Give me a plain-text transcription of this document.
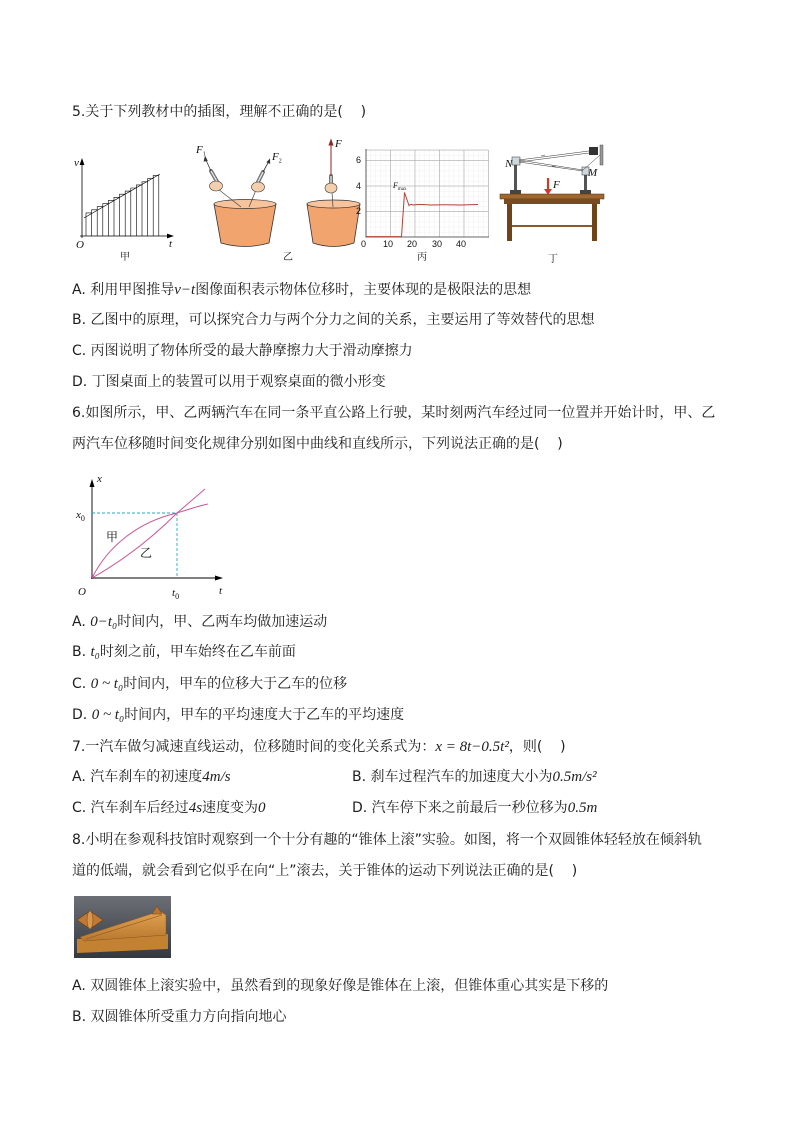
5.关于下列教材中的插图，理解不正确的是(    )
v
O	t
甲
$F_1$	$F_2$
F
乙
6
4
2
0 10 20 30 40
Fmax
丙
F
N
M
丁
A. 利用甲图推导v−t图像面积表示物体位移时，主要体现的是极限法的思想
B. 乙图中的原理，可以探究合力与两个分力之间的关系，主要运用了等效替代的思想
C. 丙图说明了物体所受的最大静摩擦力大于滑动摩擦力
D. 丁图桌面上的装置可以用于观察桌面的微小形变
6.如图所示，甲、乙两辆汽车在同一条平直公路上行驶，某时刻两汽车经过同一位置并开始计时，甲、乙
两汽车位移随时间变化规律分别如图中曲线和直线所示，下列说法正确的是(    )
x
$x_0$
甲
乙
O	$t_0$	t
A. 0−t₀时间内，甲、乙两车均做加速运动
B. t₀时刻之前，甲车始终在乙车前面
C. 0 ~ t₀时间内，甲车的位移大于乙车的位移
D. 0 ~ t₀时间内，甲车的平均速度大于乙车的平均速度
7.一汽车做匀减速直线运动，位移随时间的变化关系式为：x = 8t−0.5t²，则(    )
A. 汽车刹车的初速度4m/s	B. 刹车过程汽车的加速度大小为0.5m/s²
C. 汽车刹车后经过4s速度变为0	D. 汽车停下来之前最后一秒位移为0.5m
8.小明在参观科技馆时观察到一个十分有趣的“锥体上滚”实验。如图，将一个双圆锥体轻轻放在倾斜轨
道的低端，就会看到它似乎在向“上”滚去，关于锥体的运动下列说法正确的是(    )
A. 双圆锥体上滚实验中，虽然看到的现象好像是锥体在上滚，但锥体重心其实是下移的
B. 双圆锥体所受重力方向指向地心
